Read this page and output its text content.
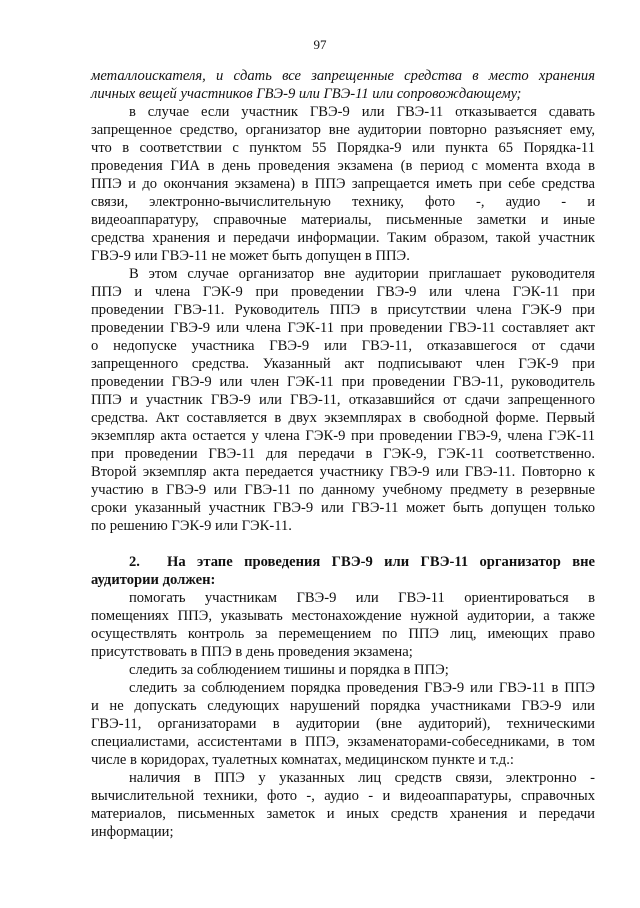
97
металлоискателя, и сдать все запрещенные средства в место хранения
личных вещей участников ГВЭ-9 или ГВЭ-11 или сопровождающему;
в случае если участник ГВЭ-9 или ГВЭ-11 отказывается сдавать
запрещенное средство, организатор вне аудитории повторно разъясняет ему,
что в соответствии с пунктом 55 Порядка-9 или пункта 65 Порядка-11
проведения ГИА в день проведения экзамена (в период с момента входа в
ППЭ и до окончания экзамена) в ППЭ запрещается иметь при себе средства
связи, электронно-вычислительную технику, фото -, аудио - и
видеоаппаратуру, справочные материалы, письменные заметки и иные
средства хранения и передачи информации. Таким образом, такой участник
ГВЭ-9 или ГВЭ-11 не может быть допущен в ППЭ.
В этом случае организатор вне аудитории приглашает руководителя
ППЭ и члена ГЭК-9 при проведении ГВЭ-9 или члена ГЭК-11 при
проведении ГВЭ-11. Руководитель ППЭ в присутствии члена ГЭК-9 при
проведении ГВЭ-9 или члена ГЭК-11 при проведении ГВЭ-11 составляет акт
о недопуске участника ГВЭ-9 или ГВЭ-11, отказавшегося от сдачи
запрещенного средства. Указанный акт подписывают член ГЭК-9 при
проведении ГВЭ-9 или член ГЭК-11 при проведении ГВЭ-11, руководитель
ППЭ и участник ГВЭ-9 или ГВЭ-11, отказавшийся от сдачи запрещенного
средства. Акт составляется в двух экземплярах в свободной форме. Первый
экземпляр акта остается у члена ГЭК-9 при проведении ГВЭ-9, члена ГЭК-11
при проведении ГВЭ-11 для передачи в ГЭК-9, ГЭК-11 соответственно.
Второй экземпляр акта передается участнику ГВЭ-9 или ГВЭ-11. Повторно к
участию в ГВЭ-9 или ГВЭ-11 по данному учебному предмету в резервные
сроки указанный участник ГВЭ-9 или ГВЭ-11 может быть допущен только
по решению ГЭК-9 или ГЭК-11.
2. На этапе проведения ГВЭ-9 или ГВЭ-11 организатор вне
аудитории должен:
помогать участникам ГВЭ-9 или ГВЭ-11 ориентироваться в
помещениях ППЭ, указывать местонахождение нужной аудитории, а также
осуществлять контроль за перемещением по ППЭ лиц, имеющих право
присутствовать в ППЭ в день проведения экзамена;
следить за соблюдением тишины и порядка в ППЭ;
следить за соблюдением порядка проведения ГВЭ-9 или ГВЭ-11 в ППЭ
и не допускать следующих нарушений порядка участниками ГВЭ-9 или
ГВЭ-11, организаторами в аудитории (вне аудиторий), техническими
специалистами, ассистентами в ППЭ, экзаменаторами-собеседниками, в том
числе в коридорах, туалетных комнатах, медицинском пункте и т.д.:
наличия в ППЭ у указанных лиц средств связи, электронно -
вычислительной техники, фото -, аудио - и видеоаппаратуры, справочных
материалов, письменных заметок и иных средств хранения и передачи
информации;
